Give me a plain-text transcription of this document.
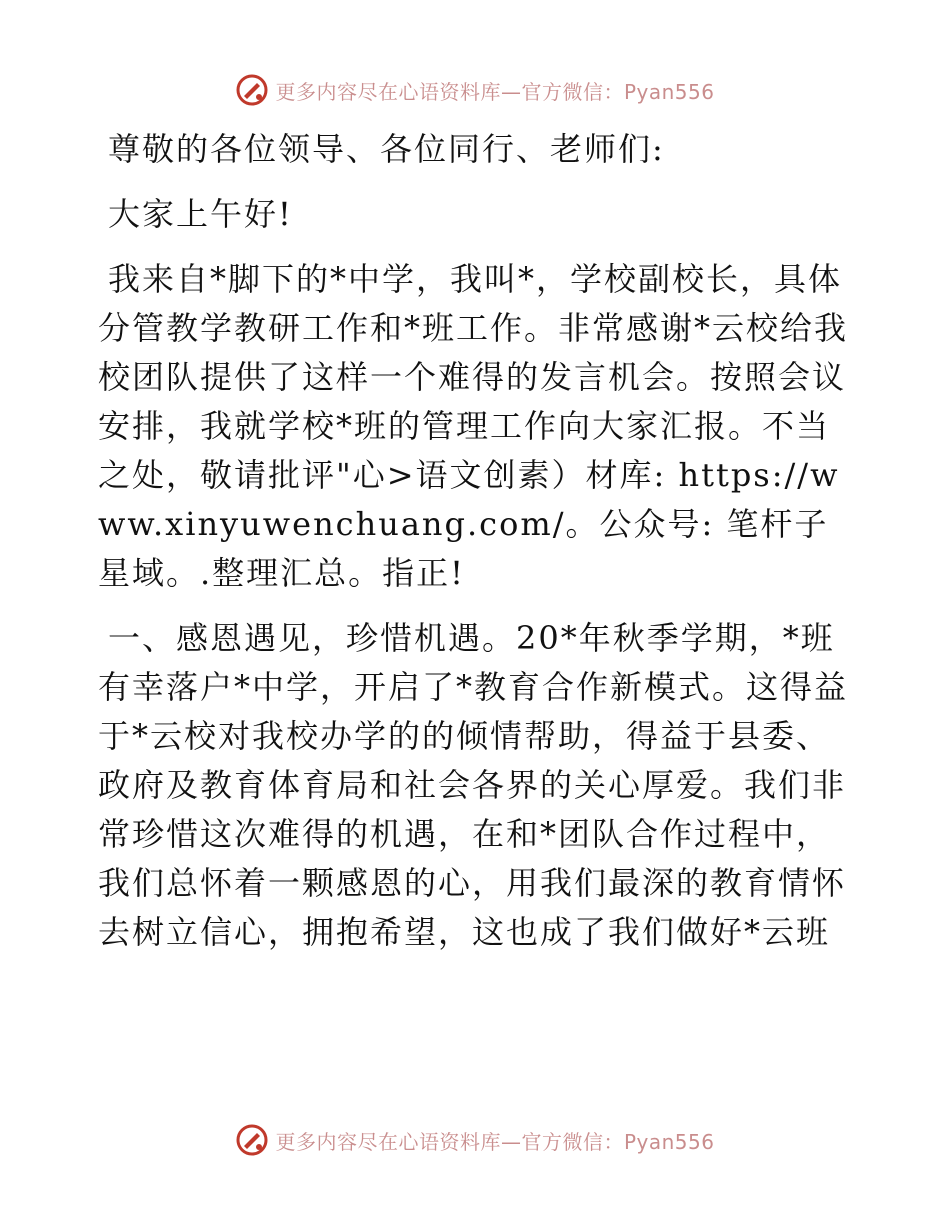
更多内容尽在心语资料库—官方微信：Pyan556

尊敬的各位领导、各位同行、老师们:

大家上午好!

我来自*脚下的*中学，我叫*，学校副校长，具体分管教学教研工作和*班工作。非常感谢*云校给我校团队提供了这样一个难得的发言机会。按照会议安排，我就学校*班的管理工作向大家汇报。不当之处，敬请批评"心>语文创素）材库: https://www.xinyuwenchuang.com/。公众号: 笔杆子星域。.整理汇总。指正!

一、感恩遇见，珍惜机遇。20*年秋季学期，*班有幸落户*中学，开启了*教育合作新模式。这得益于*云校对我校办学的的倾情帮助，得益于县委、政府及教育体育局和社会各界的关心厚爱。我们非常珍惜这次难得的机遇，在和*团队合作过程中，我们总怀着一颗感恩的心，用我们最深的教育情怀去树立信心，拥抱希望，这也成了我们做好*云班

更多内容尽在心语资料库—官方微信：Pyan556
